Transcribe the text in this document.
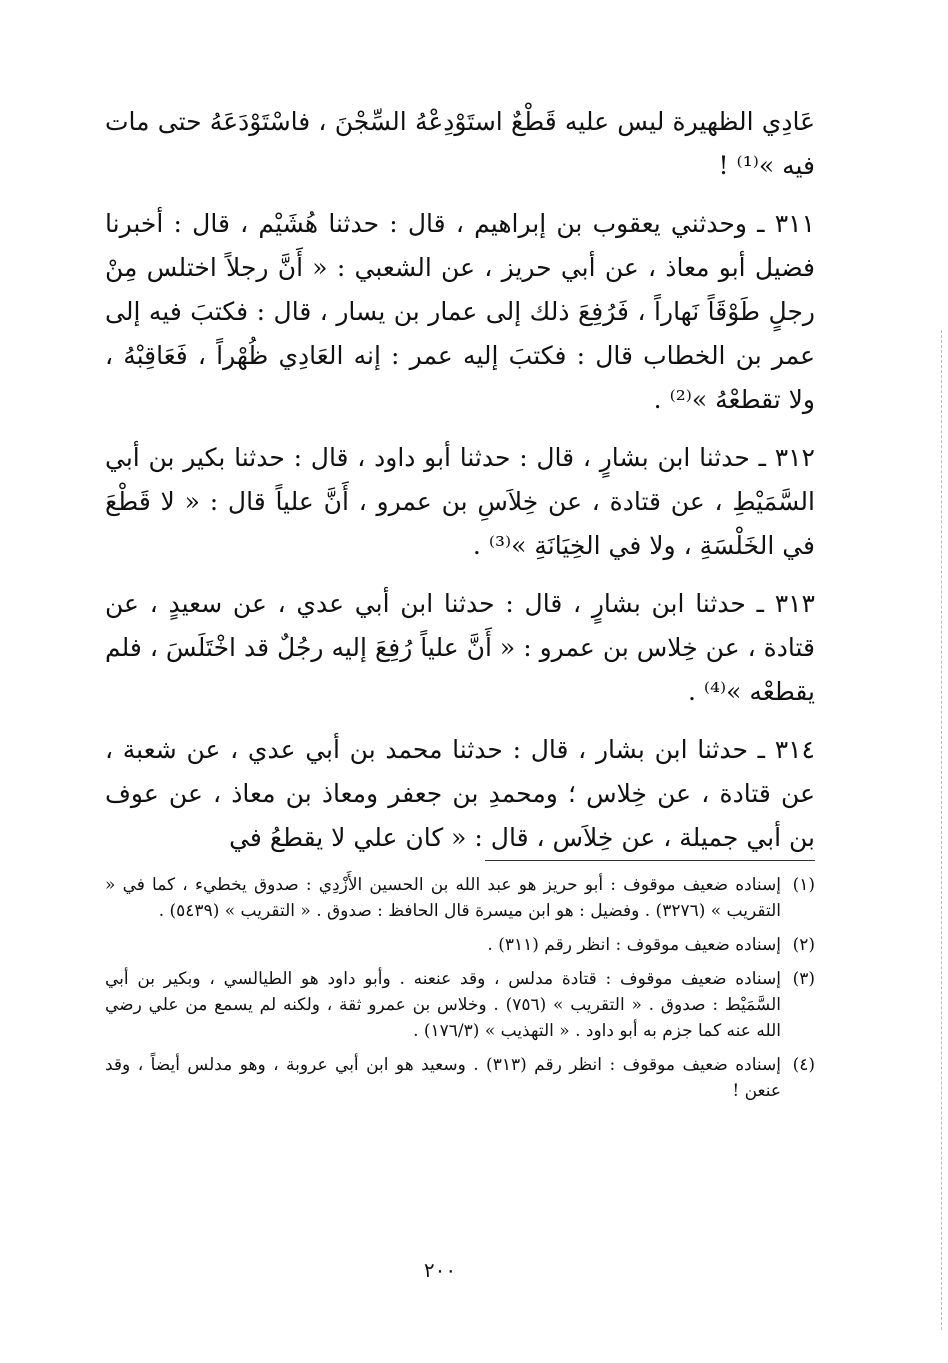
عَادِي الظهيرة ليس عليه قَطْعٌ استَوْدِعْهُ السِّجْنَ ، فاسْتَوْدَعَهُ حتى مات فيه »⁽¹⁾ !

٣١١ ـ وحدثني يعقوب بن إبراهيم ، قال : حدثنا هُشَيْم ، قال : أخبرنا فضيل أبو معاذ ، عن أبي حريز ، عن الشعبي : « أَنَّ رجلاً اختلس مِنْ رجلٍ طَوْقَاً نَهاراً ، فَرُفِعَ ذلك إلى عمار بن يسار ، قال : فكتبَ فيه إلى عمر بن الخطاب قال : فكتبَ إليه عمر : إنه العَادِي ظُهْراً ، فَعَاقِبْهُ ، ولا تقطعْهُ »⁽²⁾ .

٣١٢ ـ حدثنا ابن بشارٍ ، قال : حدثنا أبو داود ، قال : حدثنا بكير بن أبي السَّمَيْطِ ، عن قتادة ، عن خِلاَسِ بن عمرو ، أَنَّ علياً قال : « لا قَطْعَ في الخَلْسَةِ ، ولا في الخِيَانَةِ »⁽³⁾ .

٣١٣ ـ حدثنا ابن بشارٍ ، قال : حدثنا ابن أبي عدي ، عن سعيدٍ ، عن قتادة ، عن خِلاس بن عمرو : « أَنَّ علياً رُفِعَ إليه رجُلٌ قد اخْتَلَسَ ، فلم يقطعْه »⁽⁴⁾ .

٣١٤ ـ حدثنا ابن بشار ، قال : حدثنا محمد بن أبي عدي ، عن شعبة ، عن قتادة ، عن خِلاس ؛ ومحمدِ بن جعفر ومعاذ بن معاذ ، عن عوف بن أبي جميلة ، عن خِلاَس ، قال : « كان علي لا يقطعُ في

(١)
إسناده ضعيف موقوف : أبو حريز هو عبد الله بن الحسين الأَزْدِي : صدوق يخطيء ، كما في « التقريب » (٣٢٧٦) . وفضيل : هو ابن ميسرة قال الحافظ : صدوق . « التقريب » (٥٤٣٩) .
(٢)
إسناده ضعيف موقوف : انظر رقم (٣١١) .
(٣)
إسناده ضعيف موقوف : قتادة مدلس ، وقد عنعنه . وأبو داود هو الطيالسي ، وبكير بن أبي السَّمَيْط : صدوق . « التقريب » (٧٥٦) . وخلاس بن عمرو ثقة ، ولكنه لم يسمع من علي رضي الله عنه كما جزم به أبو داود . « التهذيب » (١٧٦/٣) .
(٤)
إسناده ضعيف موقوف : انظر رقم (٣١٣) . وسعيد هو ابن أبي عروبة ، وهو مدلس أيضاً ، وقد عنعن !
٢٠٠
